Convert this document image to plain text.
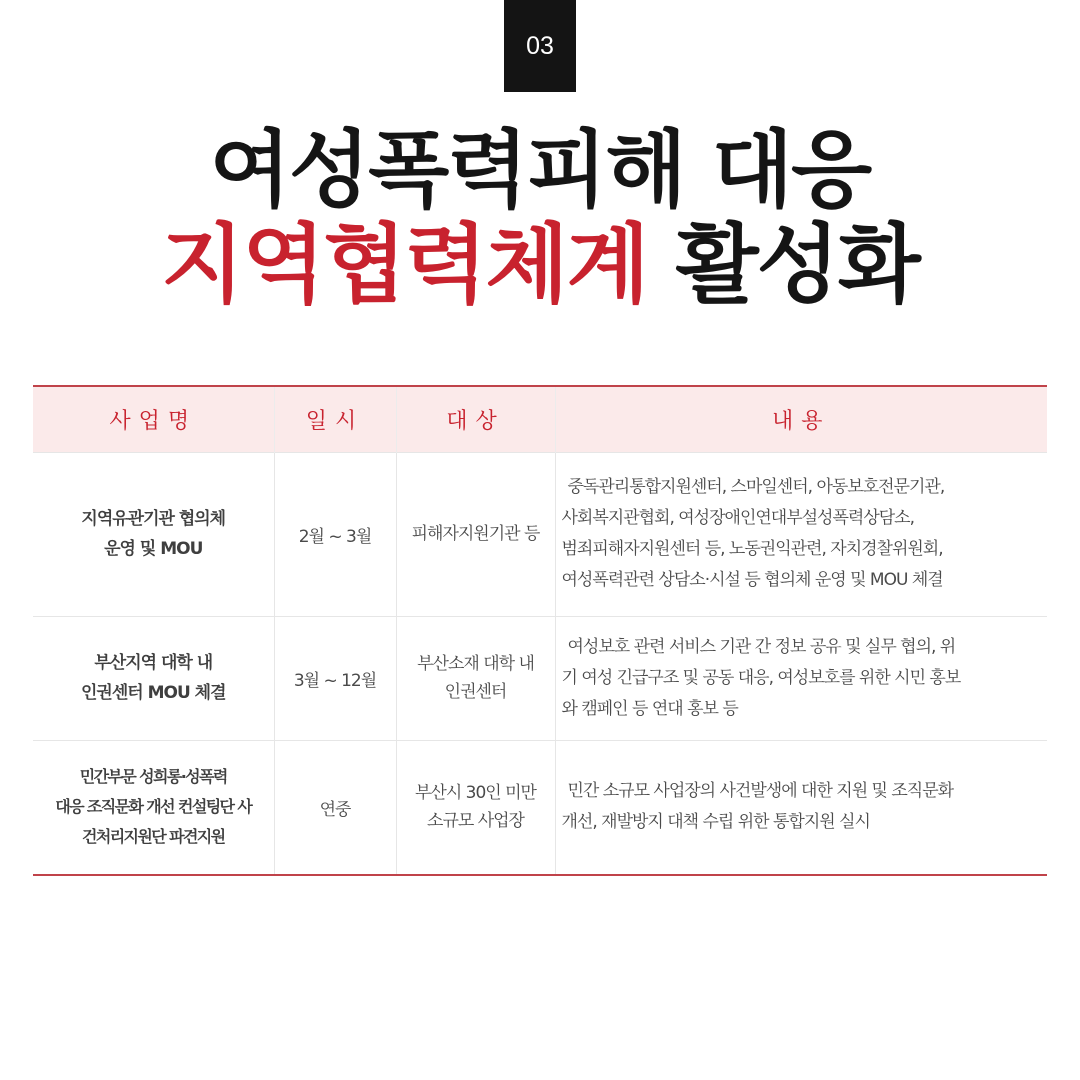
03
여성폭력피해 대응
지역협력체계 활성화
사업명	일시	대상	내용

지역유관기관 협의체
운영 및 MOU	2월 ~ 3월	피해자지원기관 등	중독관리통합지원센터, 스마일센터, 아동보호전문기관,
사회복지관협회, 여성장애인연대부설성폭력상담소,
범죄피해자지원센터 등, 노동권익관련, 자치경찰위원회,
여성폭력관련 상담소·시설 등 협의체 운영 및 MOU 체결

부산지역 대학 내
인권센터 MOU 체결	3월 ~ 12월	부산소재 대학 내
인권센터	여성보호 관련 서비스 기관 간 정보 공유 및 실무 협의, 위
기 여성 긴급구조 및 공동 대응, 여성보호를 위한 시민 홍보
와 캠페인 등 연대 홍보 등

민간부문 성희롱·성폭력
대응 조직문화 개선 컨설팅단 사
건처리지원단 파견지원	연중	부산시 30인 미만
소규모 사업장	민간 소규모 사업장의 사건발생에 대한 지원 및 조직문화
개선, 재발방지 대책 수립 위한 통합지원 실시
